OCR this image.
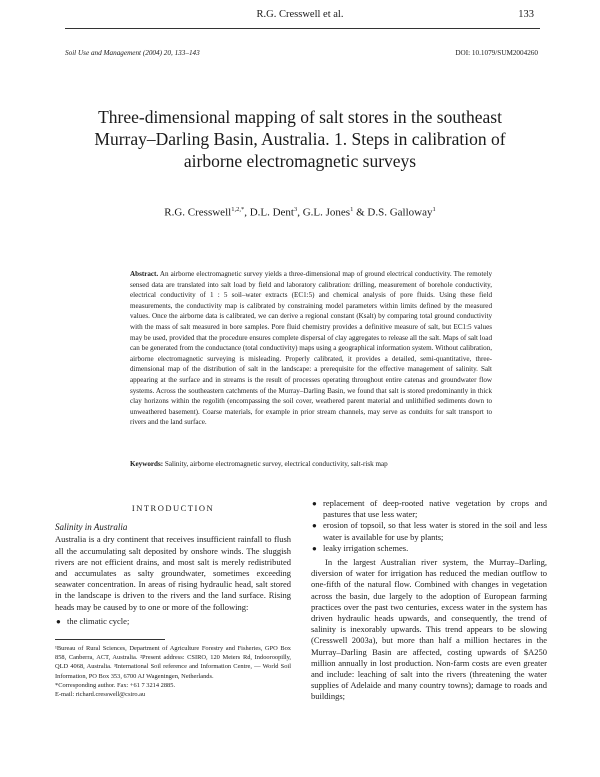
R.G. Cresswell et al.	133
Soil Use and Management (2004) 20, 133–143	DOI: 10.1079/SUM2004260
Three-dimensional mapping of salt stores in the southeast Murray–Darling Basin, Australia. 1. Steps in calibration of airborne electromagnetic surveys
R.G. Cresswell$^{1,2,*}$, D.L. Dent$^3$, G.L. Jones$^1$ & D.S. Galloway$^1$
Abstract. An airborne electromagnetic survey yields a three-dimensional map of ground electrical conductivity. The remotely sensed data are translated into salt load by field and laboratory calibration: drilling, measurement of borehole conductivity, electrical conductivity of 1 : 5 soil–water extracts (EC1:5) and chemical analysis of pore fluids. Using these field measurements, the conductivity map is calibrated by constraining model parameters within limits defined by the measured values. Once the airborne data is calibrated, we can derive a regional constant (Ksalt) by comparing total ground conductivity with the mass of salt measured in bore samples. Pore fluid chemistry provides a definitive measure of salt, but EC1:5 values may be used, provided that the procedure ensures complete dispersal of clay aggregates to release all the salt. Maps of salt load can be generated from the conductance (total conductivity) maps using a geographical information system. Without calibration, airborne electromagnetic surveying is misleading. Properly calibrated, it provides a detailed, semi-quantitative, three-dimensional map of the distribution of salt in the landscape: a prerequisite for the effective management of salinity. Salt appearing at the surface and in streams is the result of processes operating throughout entire catenas and groundwater flow systems. Across the southeastern catchments of the Murray–Darling Basin, we found that salt is stored predominantly in thick clay horizons within the regolith (encompassing the soil cover, weathered parent material and unlithified sediments down to unweathered basement). Coarse materials, for example in prior stream channels, may serve as conduits for salt transport to rivers and the land surface.
Keywords: Salinity, airborne electromagnetic survey, electrical conductivity, salt-risk map
INTRODUCTION
Salinity in Australia

Australia is a dry continent that receives insufficient rainfall to flush all the accumulating salt deposited by onshore winds. The sluggish rivers are not efficient drains, and most salt is merely redistributed and accumulates as salty groundwater, sometimes exceeding seawater concentration. In areas of rising hydraulic head, salt stored in the landscape is driven to the rivers and the land surface. Rising heads may be caused by to one or more of the following:

● the climatic cycle;

¹Bureau of Rural Sciences, Department of Agriculture Forestry and Fisheries, GPO Box 858, Canberra, ACT, Australia. ²Present address: CSIRO, 120 Meiers Rd, Indooroopilly, QLD 4068, Australia. ³International Soil reference and Information Centre, — World Soil Information, PO Box 353, 6700 AJ Wageningen, Netherlands.

*Corresponding author. Fax: +61 7 3214 2885.

E-mail: richard.cresswell@csiro.au

● replacement of deep-rooted native vegetation by crops and pastures that use less water;
● erosion of topsoil, so that less water is stored in the soil and less water is available for use by plants;
● leaky irrigation schemes.

In the largest Australian river system, the Murray–Darling, diversion of water for irrigation has reduced the median outflow to one-fifth of the natural flow. Combined with changes in vegetation across the basin, due largely to the adoption of European farming practices over the past two centuries, excess water in the system has driven hydraulic heads upwards, and consequently, the trend of salinity is inexorably upwards. This trend appears to be slowing (Cresswell 2003a), but more than half a million hectares in the Murray–Darling Basin are affected, costing upwards of $A250 million annually in lost production. Non-farm costs are even greater and include: leaching of salt into the rivers (threatening the water supplies of Adelaide and many country towns); damage to roads and buildings;
